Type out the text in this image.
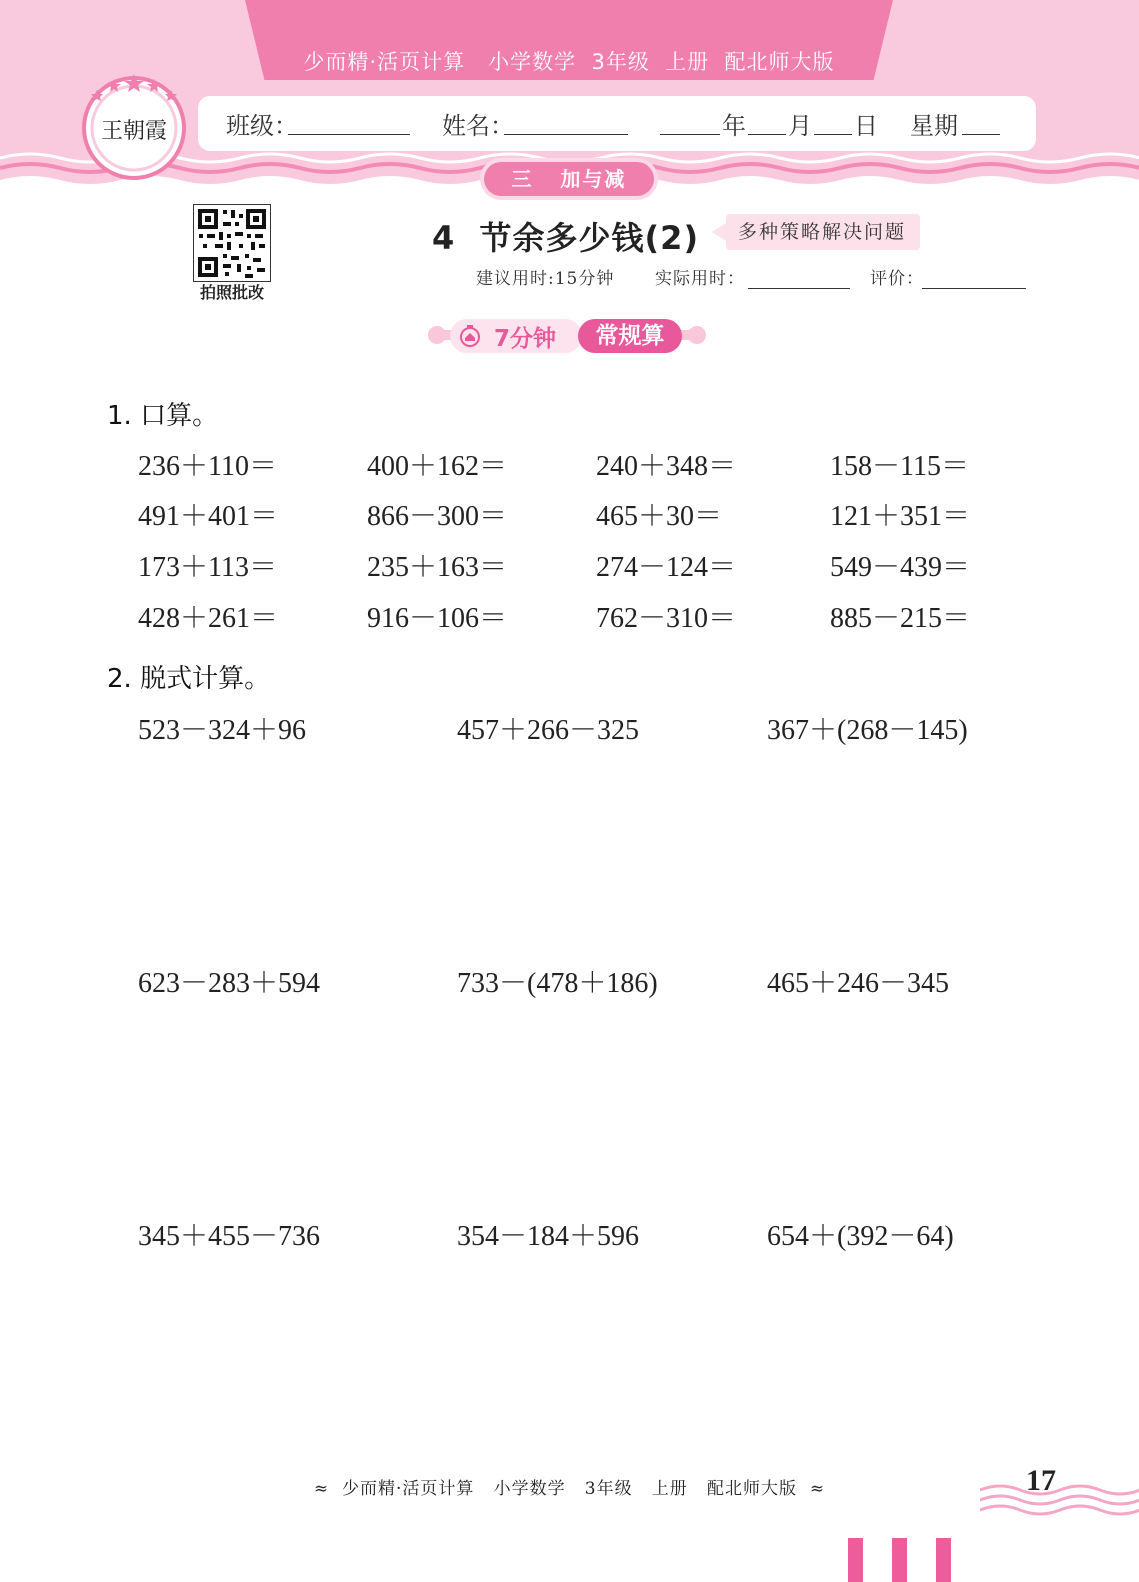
少而精·活页计算   小学数学  3年级  上册  配北师大版
班级：	姓名：	年 月 日 星期
王朝霞
三   加与减
拍照批改
4  节余多少钱(2)	多种策略解决问题
建议用时:15分钟 实际用时：	评价：
7分钟	常规算
1. 口算。
236＋110＝	400＋162＝	240＋348＝	158－115＝
491＋401＝	866－300＝	465＋30＝	121＋351＝
173＋113＝	235＋163＝	274－124＝	549－439＝
428＋261＝	916－106＝	762－310＝	885－215＝
2. 脱式计算。
523－324＋96	457＋266－325	367＋(268－145)
623－283＋594	733－(478＋186)	465＋246－345
345＋455－736	354－184＋596	654＋(392－64)
≈  少而精·活页计算   小学数学   3年级   上册   配北师大版  ≈	17
